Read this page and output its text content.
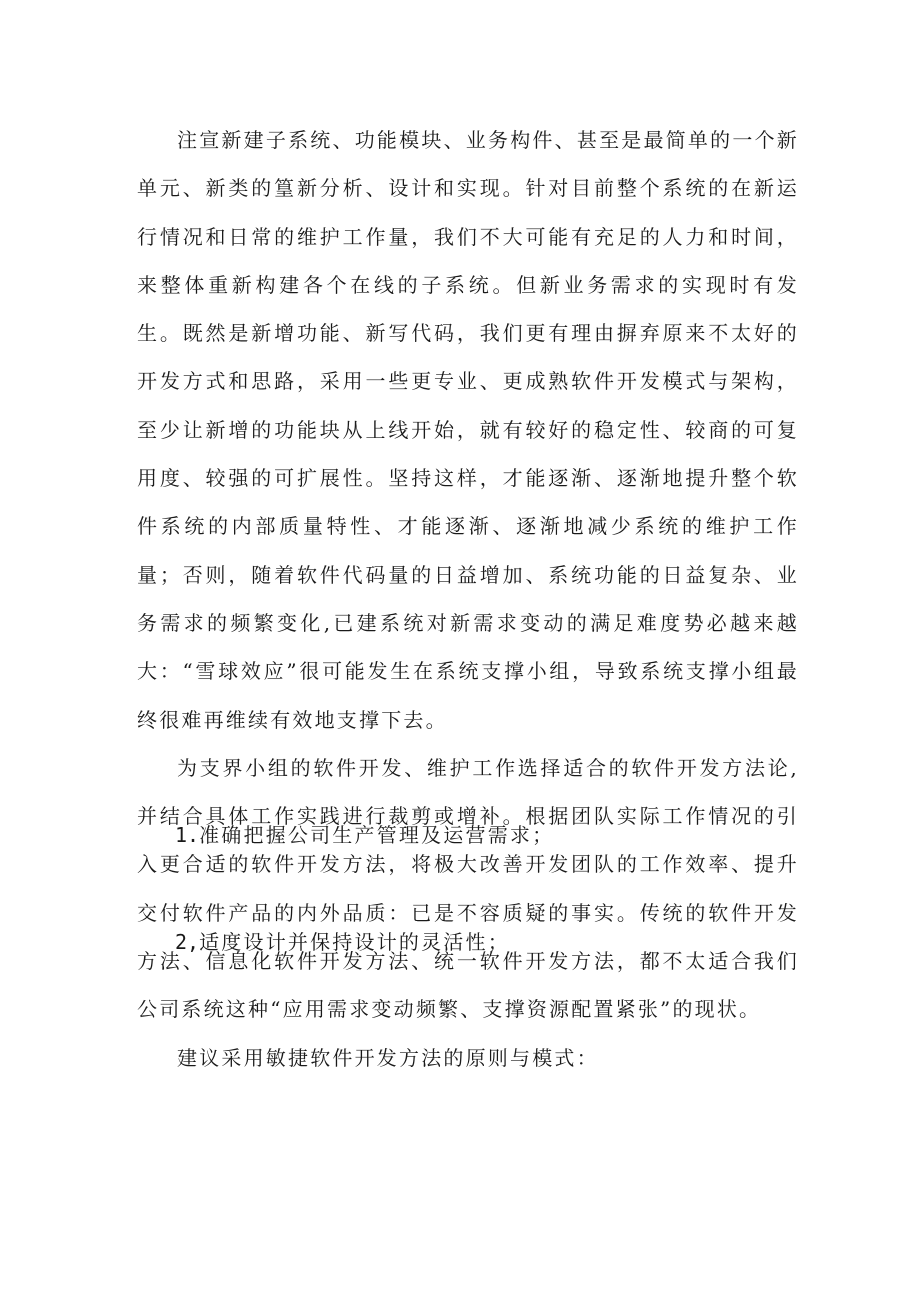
注宣新建子系统、功能模块、业务构件、甚至是最简单的一个新单元、新类的篁新分析、设计和实现。针对目前整个系统的在新运行情况和日常的维护工作量，我们不大可能有充足的人力和时间，来整体重新构建各个在线的子系统。但新业务需求的实现时有发生。既然是新增功能、新写代码，我们更有理由摒弃原来不太好的开发方式和思路，采用一些更专业、更成熟软件开发模式与架构，至少让新增的功能块从上线开始，就有较好的稳定性、较商的可复用度、较强的可扩展性。坚持这样，才能逐渐、逐渐地提升整个软件系统的内部质量特性、才能逐渐、逐渐地减少系统的维护工作量；否则，随着软件代码量的日益增加、系统功能的日益复杂、业务需求的频繁变化,已建系统对新需求变动的满足难度势必越来越大：“雪球效应”很可能发生在系统支撑小组，导致系统支撑小组最终很难再维续有效地支撑下去。

为支界小组的软件开发、维护工作选择适合的软件开发方法论,并结合具体工作实践进行裁剪或增补。根据团队实际工作情况的引入更合适的软件开发方法，将极大改善开发团队的工作效率、提升交付软件产品的内外品质：已是不容质疑的事实。传统的软件开发方法、信息化软件开发方法、统一软件开发方法，都不太适合我们公司系统这种“应用需求变动频繁、支撑资源配置紧张”的现状。

建议采用敏捷软件开发方法的原则与模式：

1.准确把握公司生产管理及运营需求；
2,适度设计并保持设计的灵活性；
